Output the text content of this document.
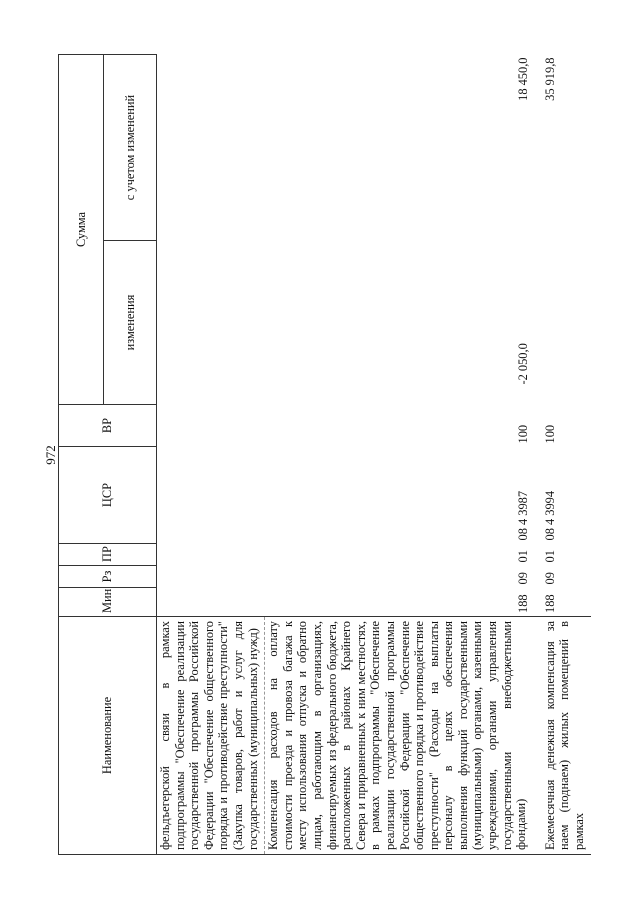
972
Наименование	Мин	Рз	ПР	ЦСР	ВР	Сумма	
						изменения	с учетом изменений
фельдъегерской связи в рамках подпрограммы "Обеспечение реализации государственной программы Российской Федерации "Обеспечение общественного порядка и противодействие преступности" (Закупка товаров, работ и услуг для государственных (муниципальных) нужд)							
Компенсация расходов на оплату стоимости проезда и провоза багажа к месту использования отпуска и обратно лицам, работающим в организациях, финансируемых из федерального бюджета, расположенных в районах Крайнего Севера и приравненных к ним местностях, в рамках подпрограммы "Обеспечение реализации государственной программы Российской Федерации "Обеспечение общественного порядка и противодействие преступности" (Расходы на выплаты персоналу в целях обеспечения выполнения функций государственными (муниципальными) органами, казенными учреждениями, органами управления государственными внебюджетными фондами)	188	09	01	08 4 3987	100	-2 050,0	18 450,0
Ежемесячная денежная компенсация за наем (поднаем) жилых помещений в рамках	188	09	01	08 4 3994	100		35 919,8
